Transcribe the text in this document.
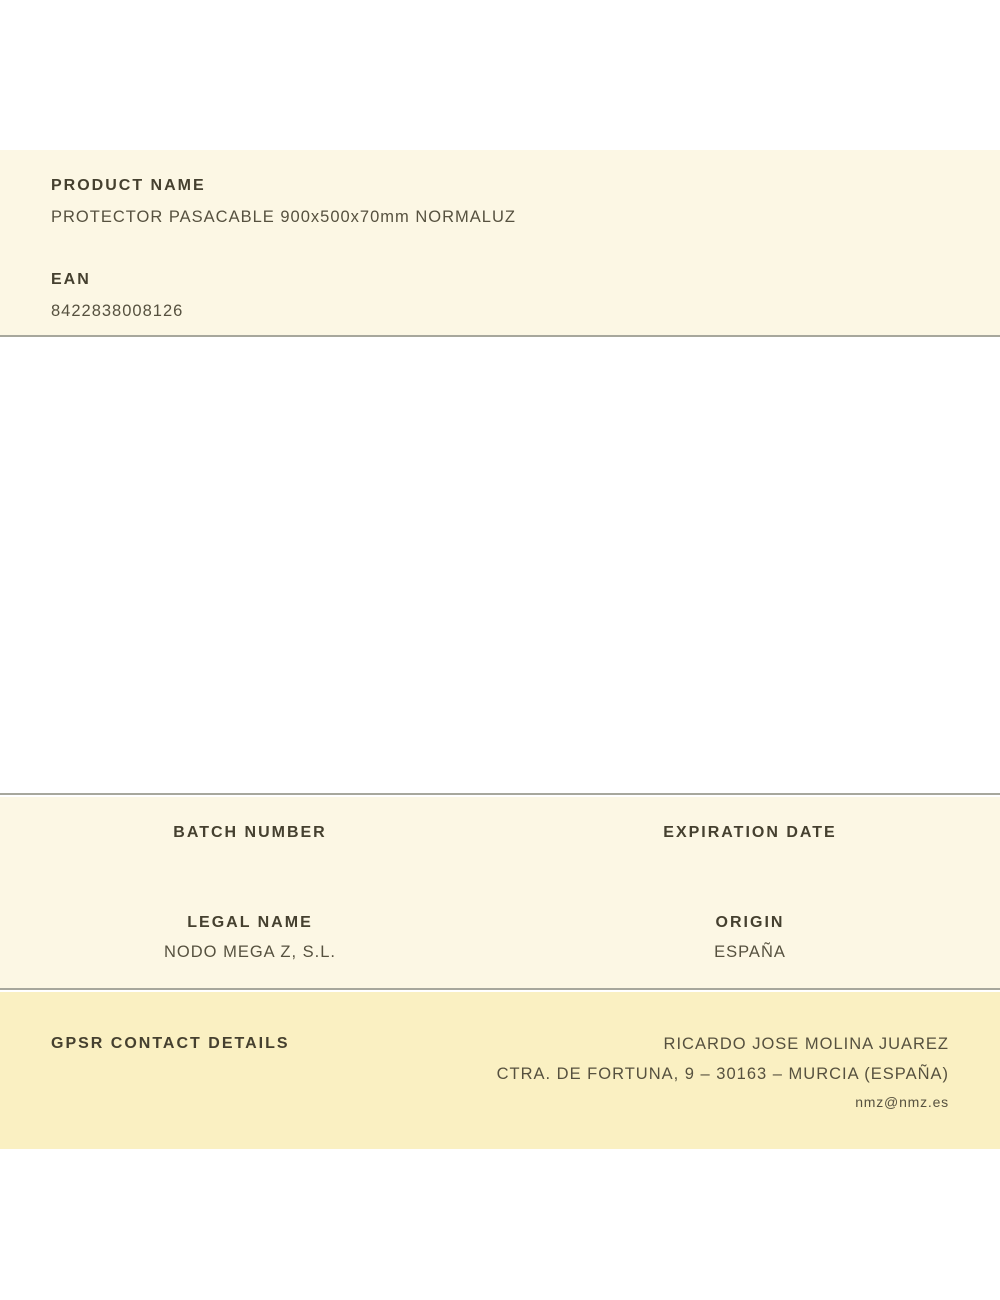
PRODUCT NAME
PROTECTOR PASACABLE 900x500x70mm NORMALUZ
EAN
8422838008126
BATCH NUMBER	EXPIRATION DATE
LEGAL NAME	ORIGIN
NODO MEGA Z, S.L.	ESPAÑA
GPSR CONTACT DETAILS	RICARDO JOSE MOLINA JUAREZ
CTRA. DE FORTUNA, 9 – 30163 – MURCIA (ESPAÑA)
nmz@nmz.es
